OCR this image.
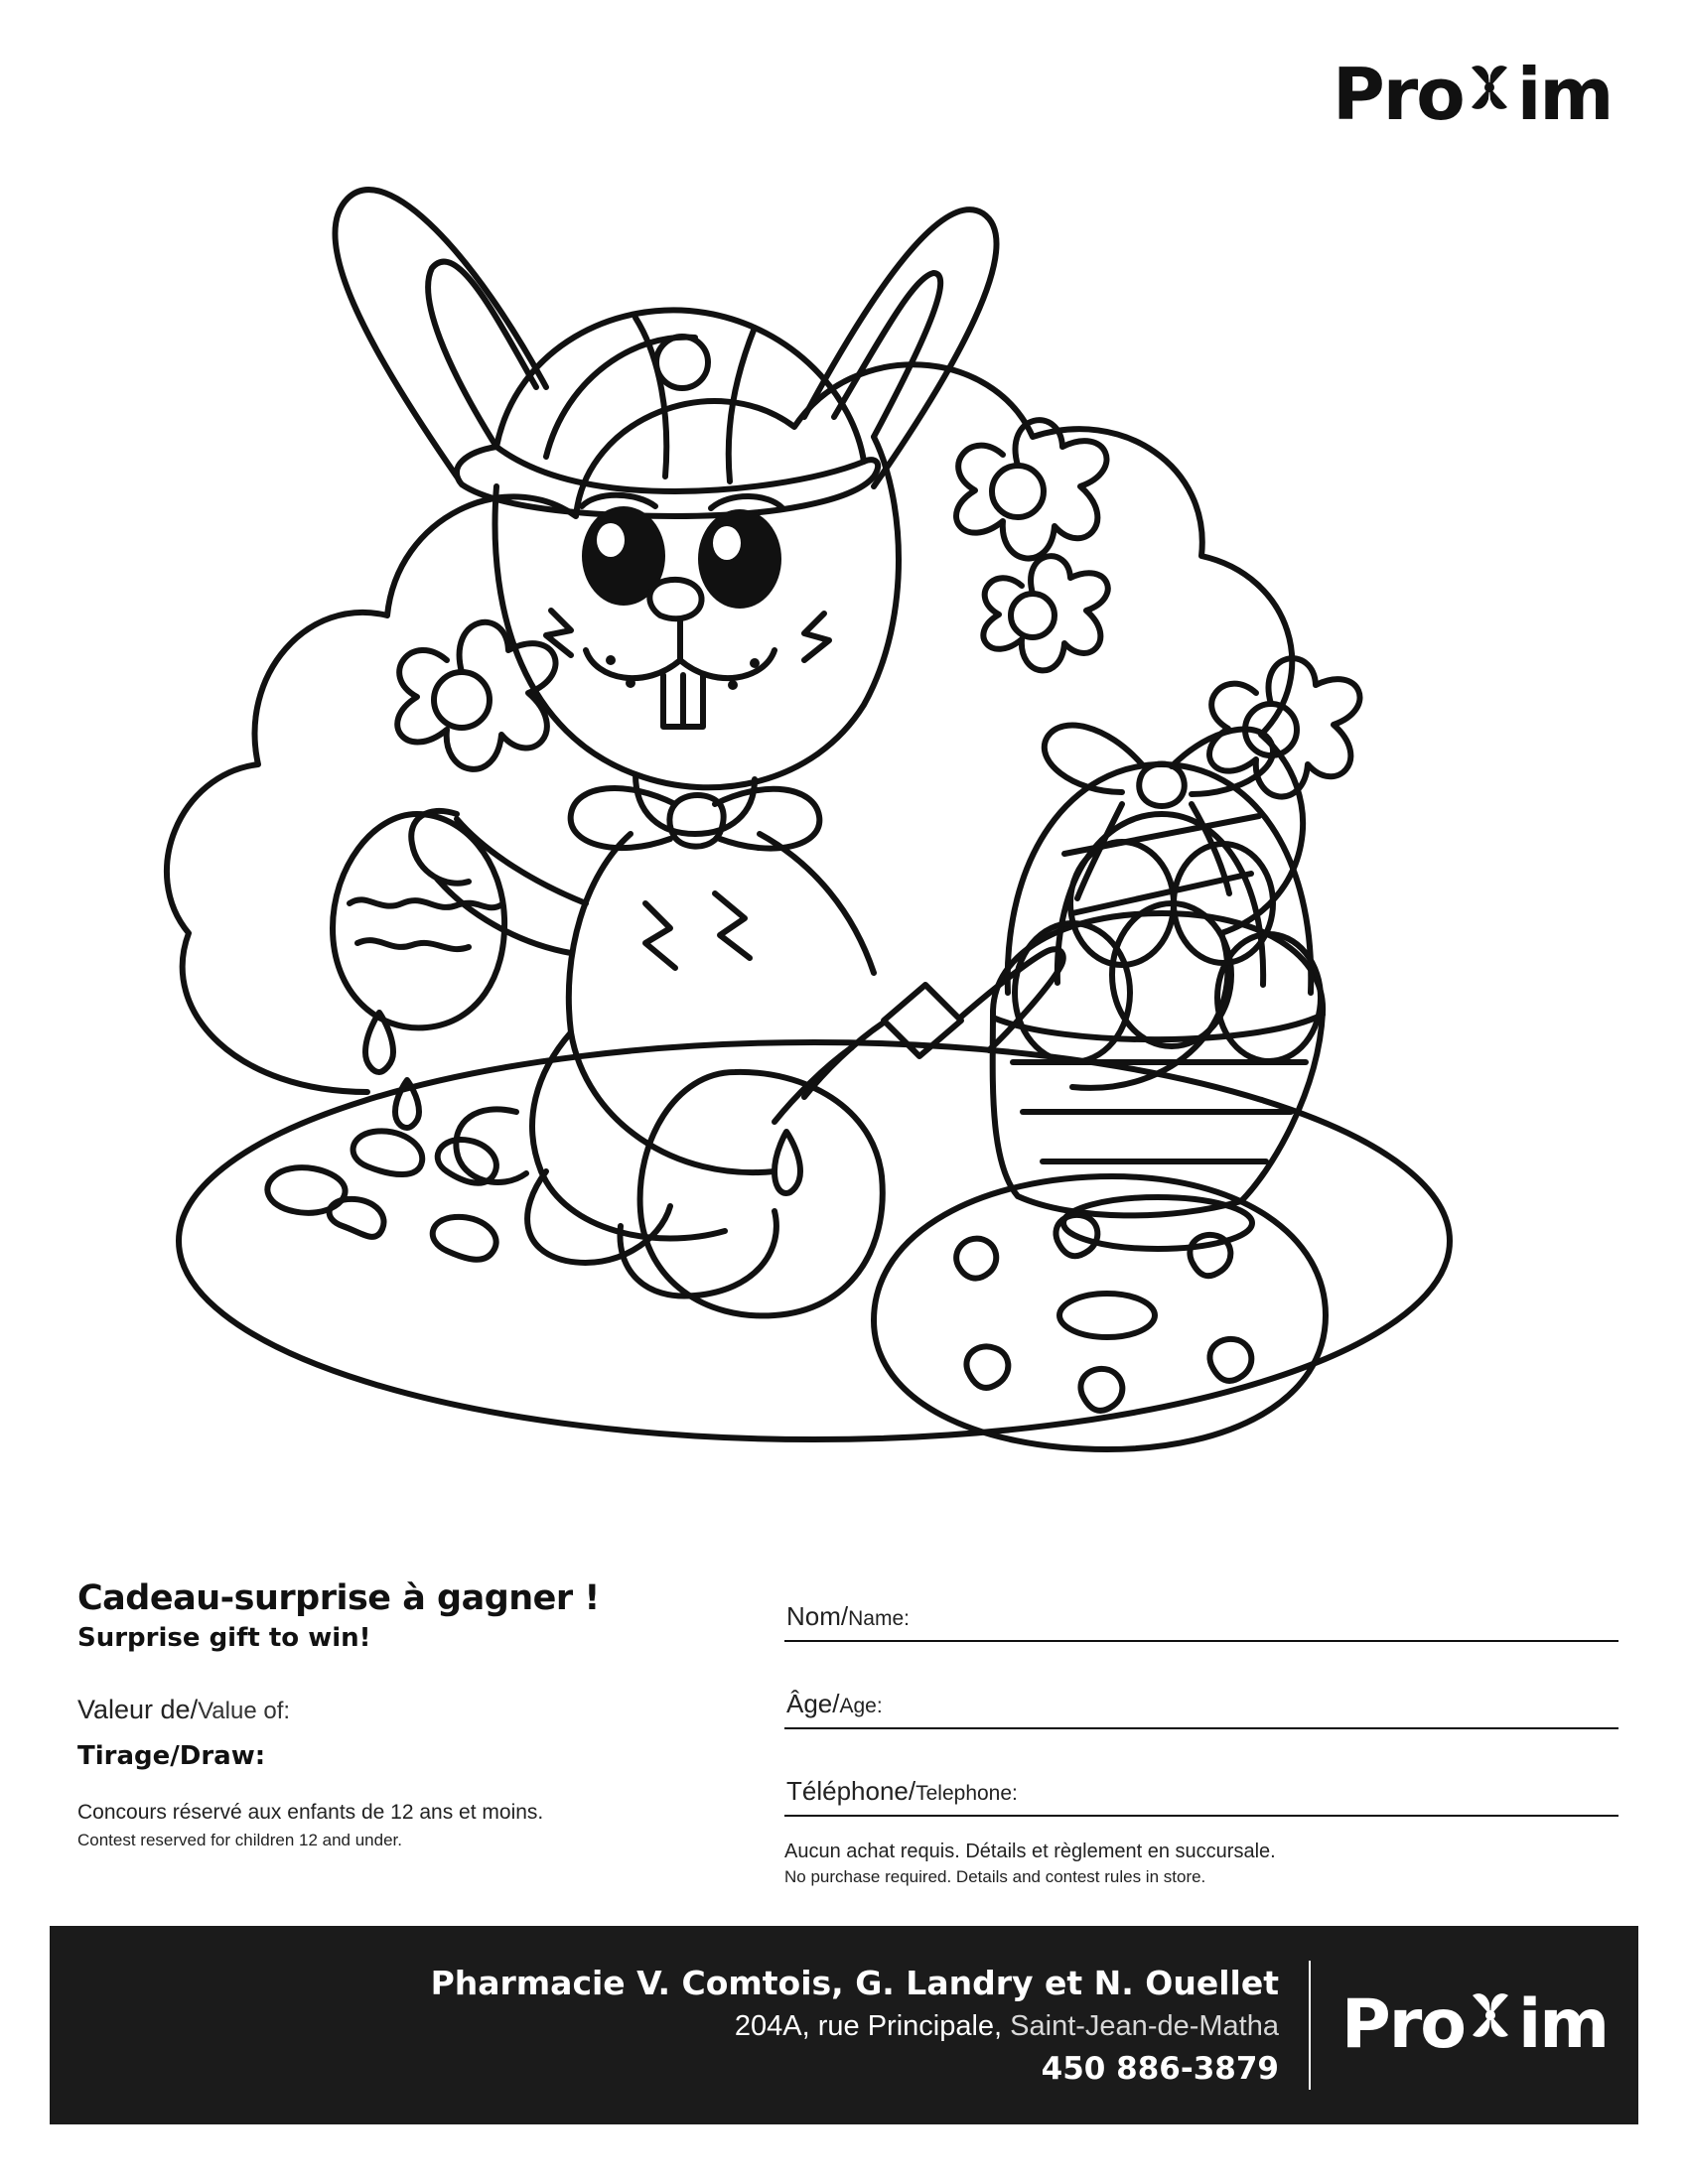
Pro im
Cadeau-surprise à gagner !
Surprise gift to win!
Valeur de/Value of:
Tirage/Draw:
Concours réservé aux enfants de 12 ans et moins.
Contest reserved for children 12 and under.
Nom/Name:
Âge/Age:
Téléphone/Telephone:
Aucun achat requis. Détails et règlement en succursale.
No purchase required. Details and contest rules in store.
Pharmacie V. Comtois, G. Landry et N. Ouellet
204A, rue Principale, Saint-Jean-de-Matha
450 886-3879
Pro im
